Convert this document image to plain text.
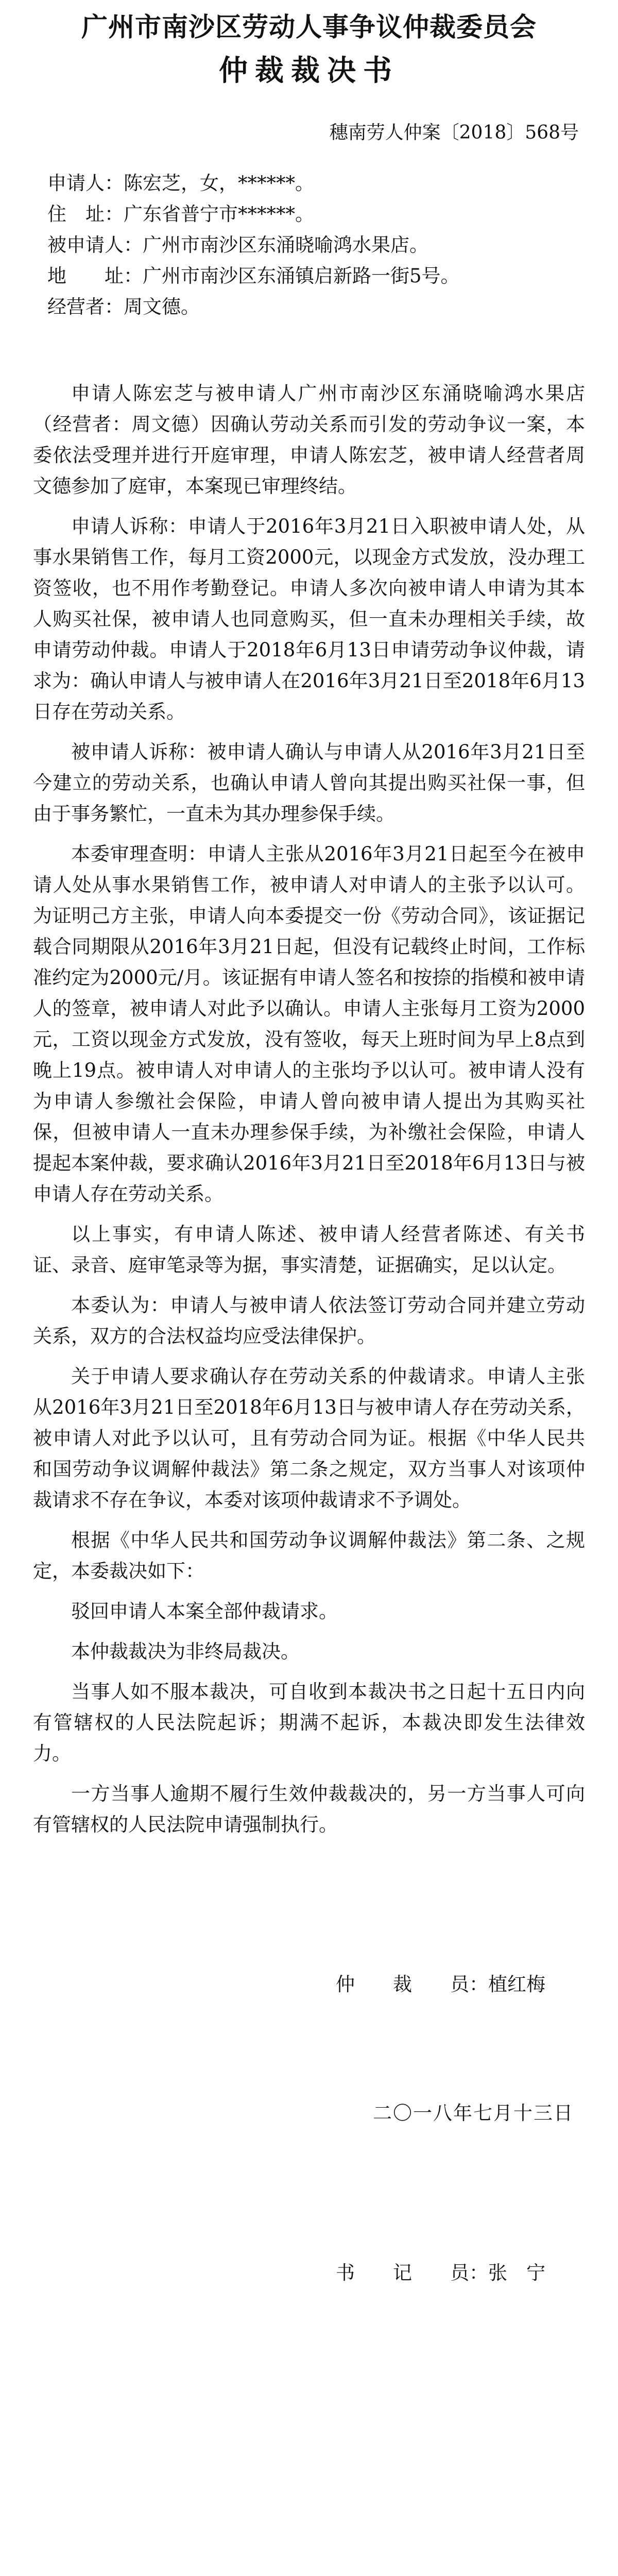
广州市南沙区劳动人事争议仲裁委员会
仲裁裁决书
穗南劳人仲案〔2018〕568号
申请人：陈宏芝，女，******。
住　址：广东省普宁市******。
被申请人：广州市南沙区东涌晓喻鸿水果店。
地　　址：广州市南沙区东涌镇启新路一街5号。
经营者：周文德。

申请人陈宏芝与被申请人广州市南沙区东涌晓喻鸿水果店（经营者：周文德）因确认劳动关系而引发的劳动争议一案，本委依法受理并进行开庭审理，申请人陈宏芝，被申请人经营者周文德参加了庭审，本案现已审理终结。

申请人诉称：申请人于2016年3月21日入职被申请人处，从事水果销售工作，每月工资2000元，以现金方式发放，没办理工资签收，也不用作考勤登记。申请人多次向被申请人申请为其本人购买社保，被申请人也同意购买，但一直未办理相关手续，故申请劳动仲裁。申请人于2018年6月13日申请劳动争议仲裁，请求为：确认申请人与被申请人在2016年3月21日至2018年6月13日存在劳动关系。

被申请人诉称：被申请人确认与申请人从2016年3月21日至今建立的劳动关系，也确认申请人曾向其提出购买社保一事，但由于事务繁忙，一直未为其办理参保手续。

本委审理查明：申请人主张从2016年3月21日起至今在被申请人处从事水果销售工作，被申请人对申请人的主张予以认可。为证明己方主张，申请人向本委提交一份《劳动合同》，该证据记载合同期限从2016年3月21日起，但没有记载终止时间，工作标准约定为2000元/月。该证据有申请人签名和按捺的指模和被申请人的签章，被申请人对此予以确认。申请人主张每月工资为2000元，工资以现金方式发放，没有签收，每天上班时间为早上8点到晚上19点。被申请人对申请人的主张均予以认可。被申请人没有为申请人参缴社会保险，申请人曾向被申请人提出为其购买社保，但被申请人一直未办理参保手续，为补缴社会保险，申请人提起本案仲裁，要求确认2016年3月21日至2018年6月13日与被申请人存在劳动关系。

以上事实，有申请人陈述、被申请人经营者陈述、有关书证、录音、庭审笔录等为据，事实清楚，证据确实，足以认定。

本委认为：申请人与被申请人依法签订劳动合同并建立劳动关系，双方的合法权益均应受法律保护。

关于申请人要求确认存在劳动关系的仲裁请求。申请人主张从2016年3月21日至2018年6月13日与被申请人存在劳动关系，被申请人对此予以认可，且有劳动合同为证。根据《中华人民共和国劳动争议调解仲裁法》第二条之规定，双方当事人对该项仲裁请求不存在争议，本委对该项仲裁请求不予调处。

根据《中华人民共和国劳动争议调解仲裁法》第二条、之规定，本委裁决如下：

驳回申请人本案全部仲裁请求。

本仲裁裁决为非终局裁决。

当事人如不服本裁决，可自收到本裁决书之日起十五日内向有管辖权的人民法院起诉；期满不起诉，本裁决即发生法律效力。

一方当事人逾期不履行生效仲裁裁决的，另一方当事人可向有管辖权的人民法院申请强制执行。

仲　　裁　　员：植红梅
二〇一八年七月十三日
书　　记　　员：张　宁
